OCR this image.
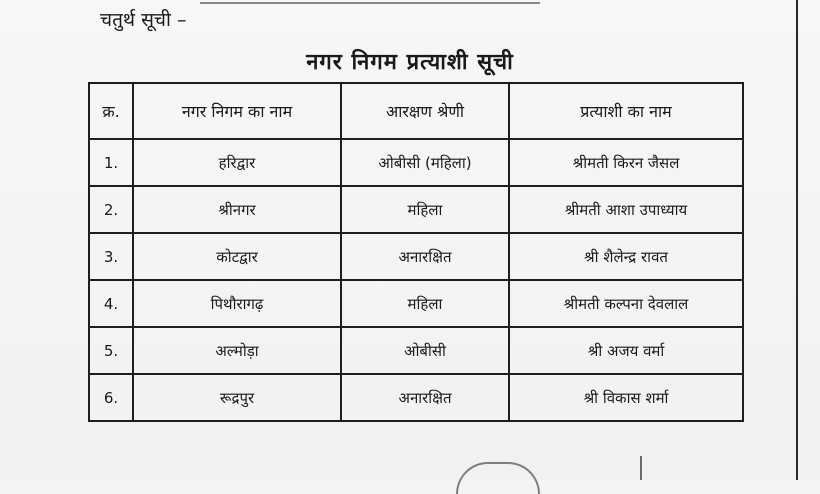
चतुर्थ सूची –
नगर निगम प्रत्याशी सूची
क्र.	नगर निगम का नाम	आरक्षण श्रेणी	प्रत्याशी का नाम
1.	हरिद्वार	ओबीसी (महिला)	श्रीमती किरन जैसल
2.	श्रीनगर	महिला	श्रीमती आशा उपाध्याय
3.	कोटद्वार	अनारक्षित	श्री शैलेन्द्र रावत
4.	पिथौरागढ़	महिला	श्रीमती कल्पना देवलाल
5.	अल्मोड़ा	ओबीसी	श्री अजय वर्मा
6.	रूद्रपुर	अनारक्षित	श्री विकास शर्मा
